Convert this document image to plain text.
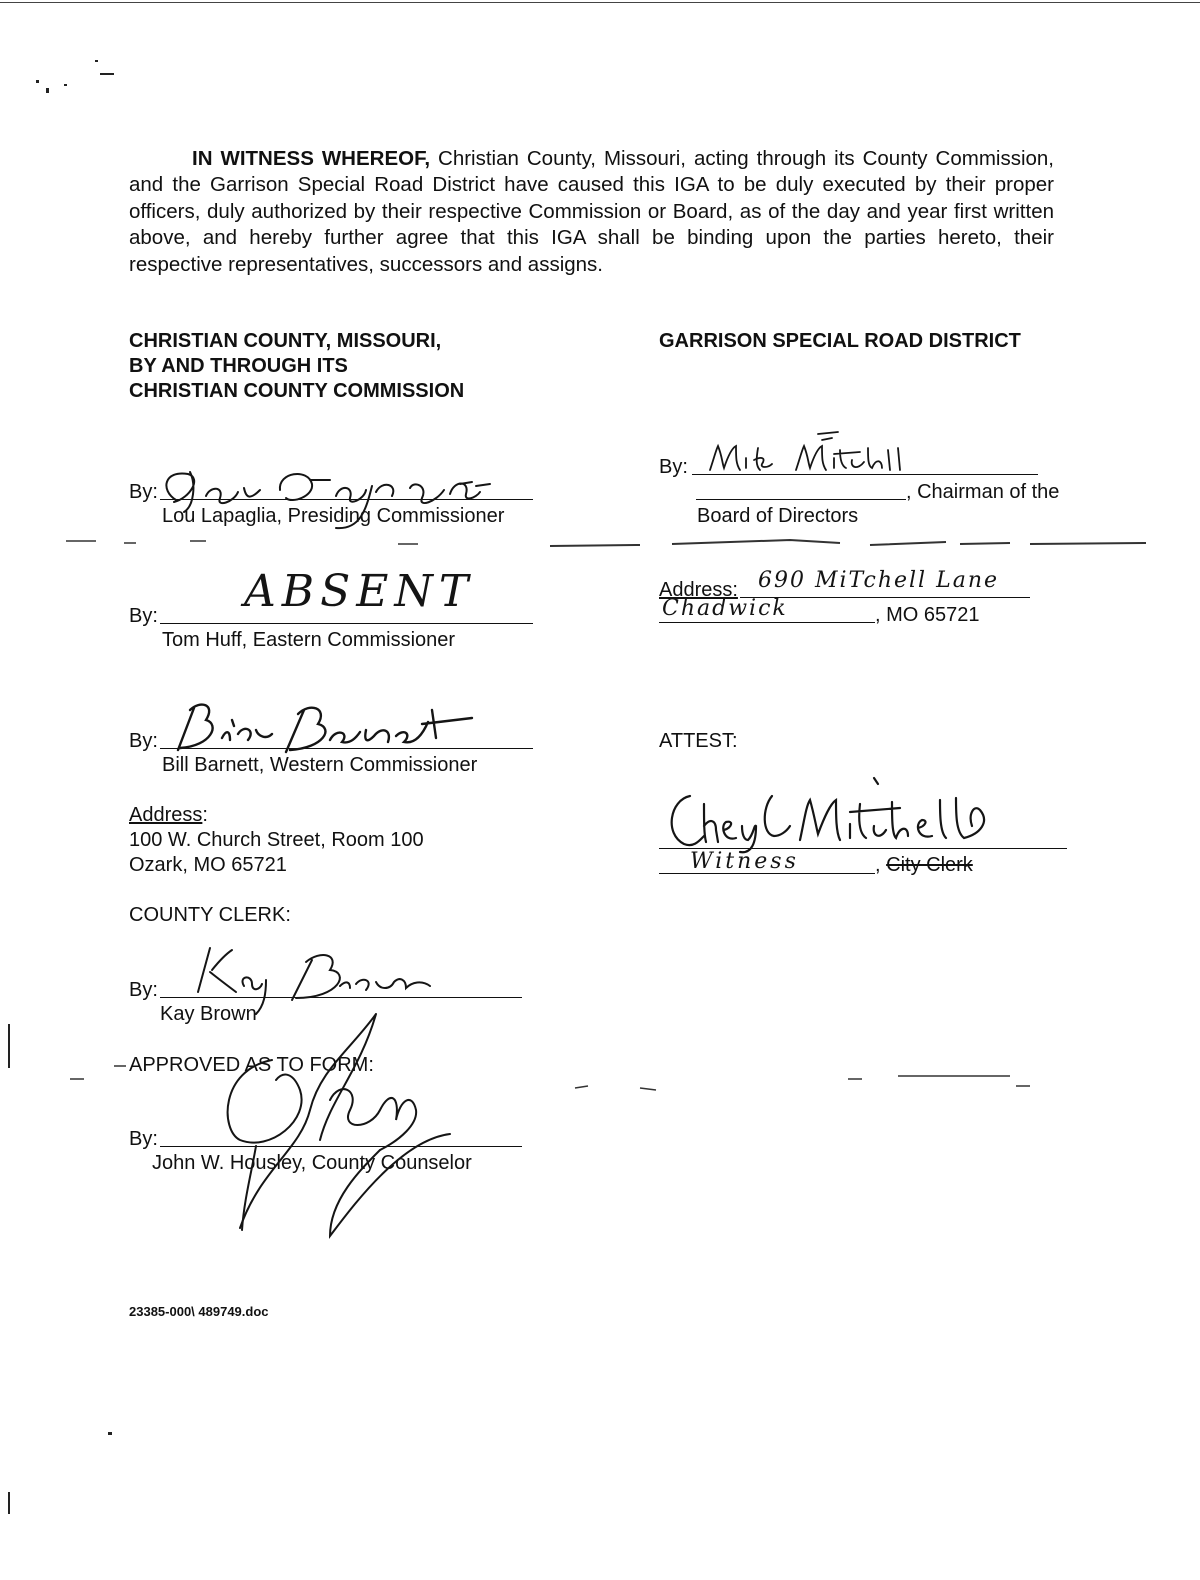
IN WITNESS WHEREOF, Christian County, Missouri, acting through its County Commission, and the Garrison Special Road District have caused this IGA to be duly executed by their proper officers, duly authorized by their respective Commission or Board, as of the day and year first written above, and hereby further agree that this IGA shall be binding upon the parties hereto, their respective representatives, successors and assigns.
CHRISTIAN COUNTY, MISSOURI,
BY AND THROUGH ITS
CHRISTIAN COUNTY COMMISSION
GARRISON SPECIAL ROAD DISTRICT
By:
Lou Lapaglia, Presiding Commissioner
By:
Tom Huff, Eastern Commissioner
ABSENT
By:
Bill Barnett, Western Commissioner
Address:
100 W. Church Street, Room 100
Ozark, MO 65721
COUNTY CLERK:
By:
Kay Brown
APPROVED AS TO FORM:
By:
John W. Housley, County Counselor
By:
, Chairman of the
Board of Directors
Address: 690 MiTchell Lane
Chadwick	, MO 65721
ATTEST:
Witness	, City Clerk
23385-000\ 489749.doc
